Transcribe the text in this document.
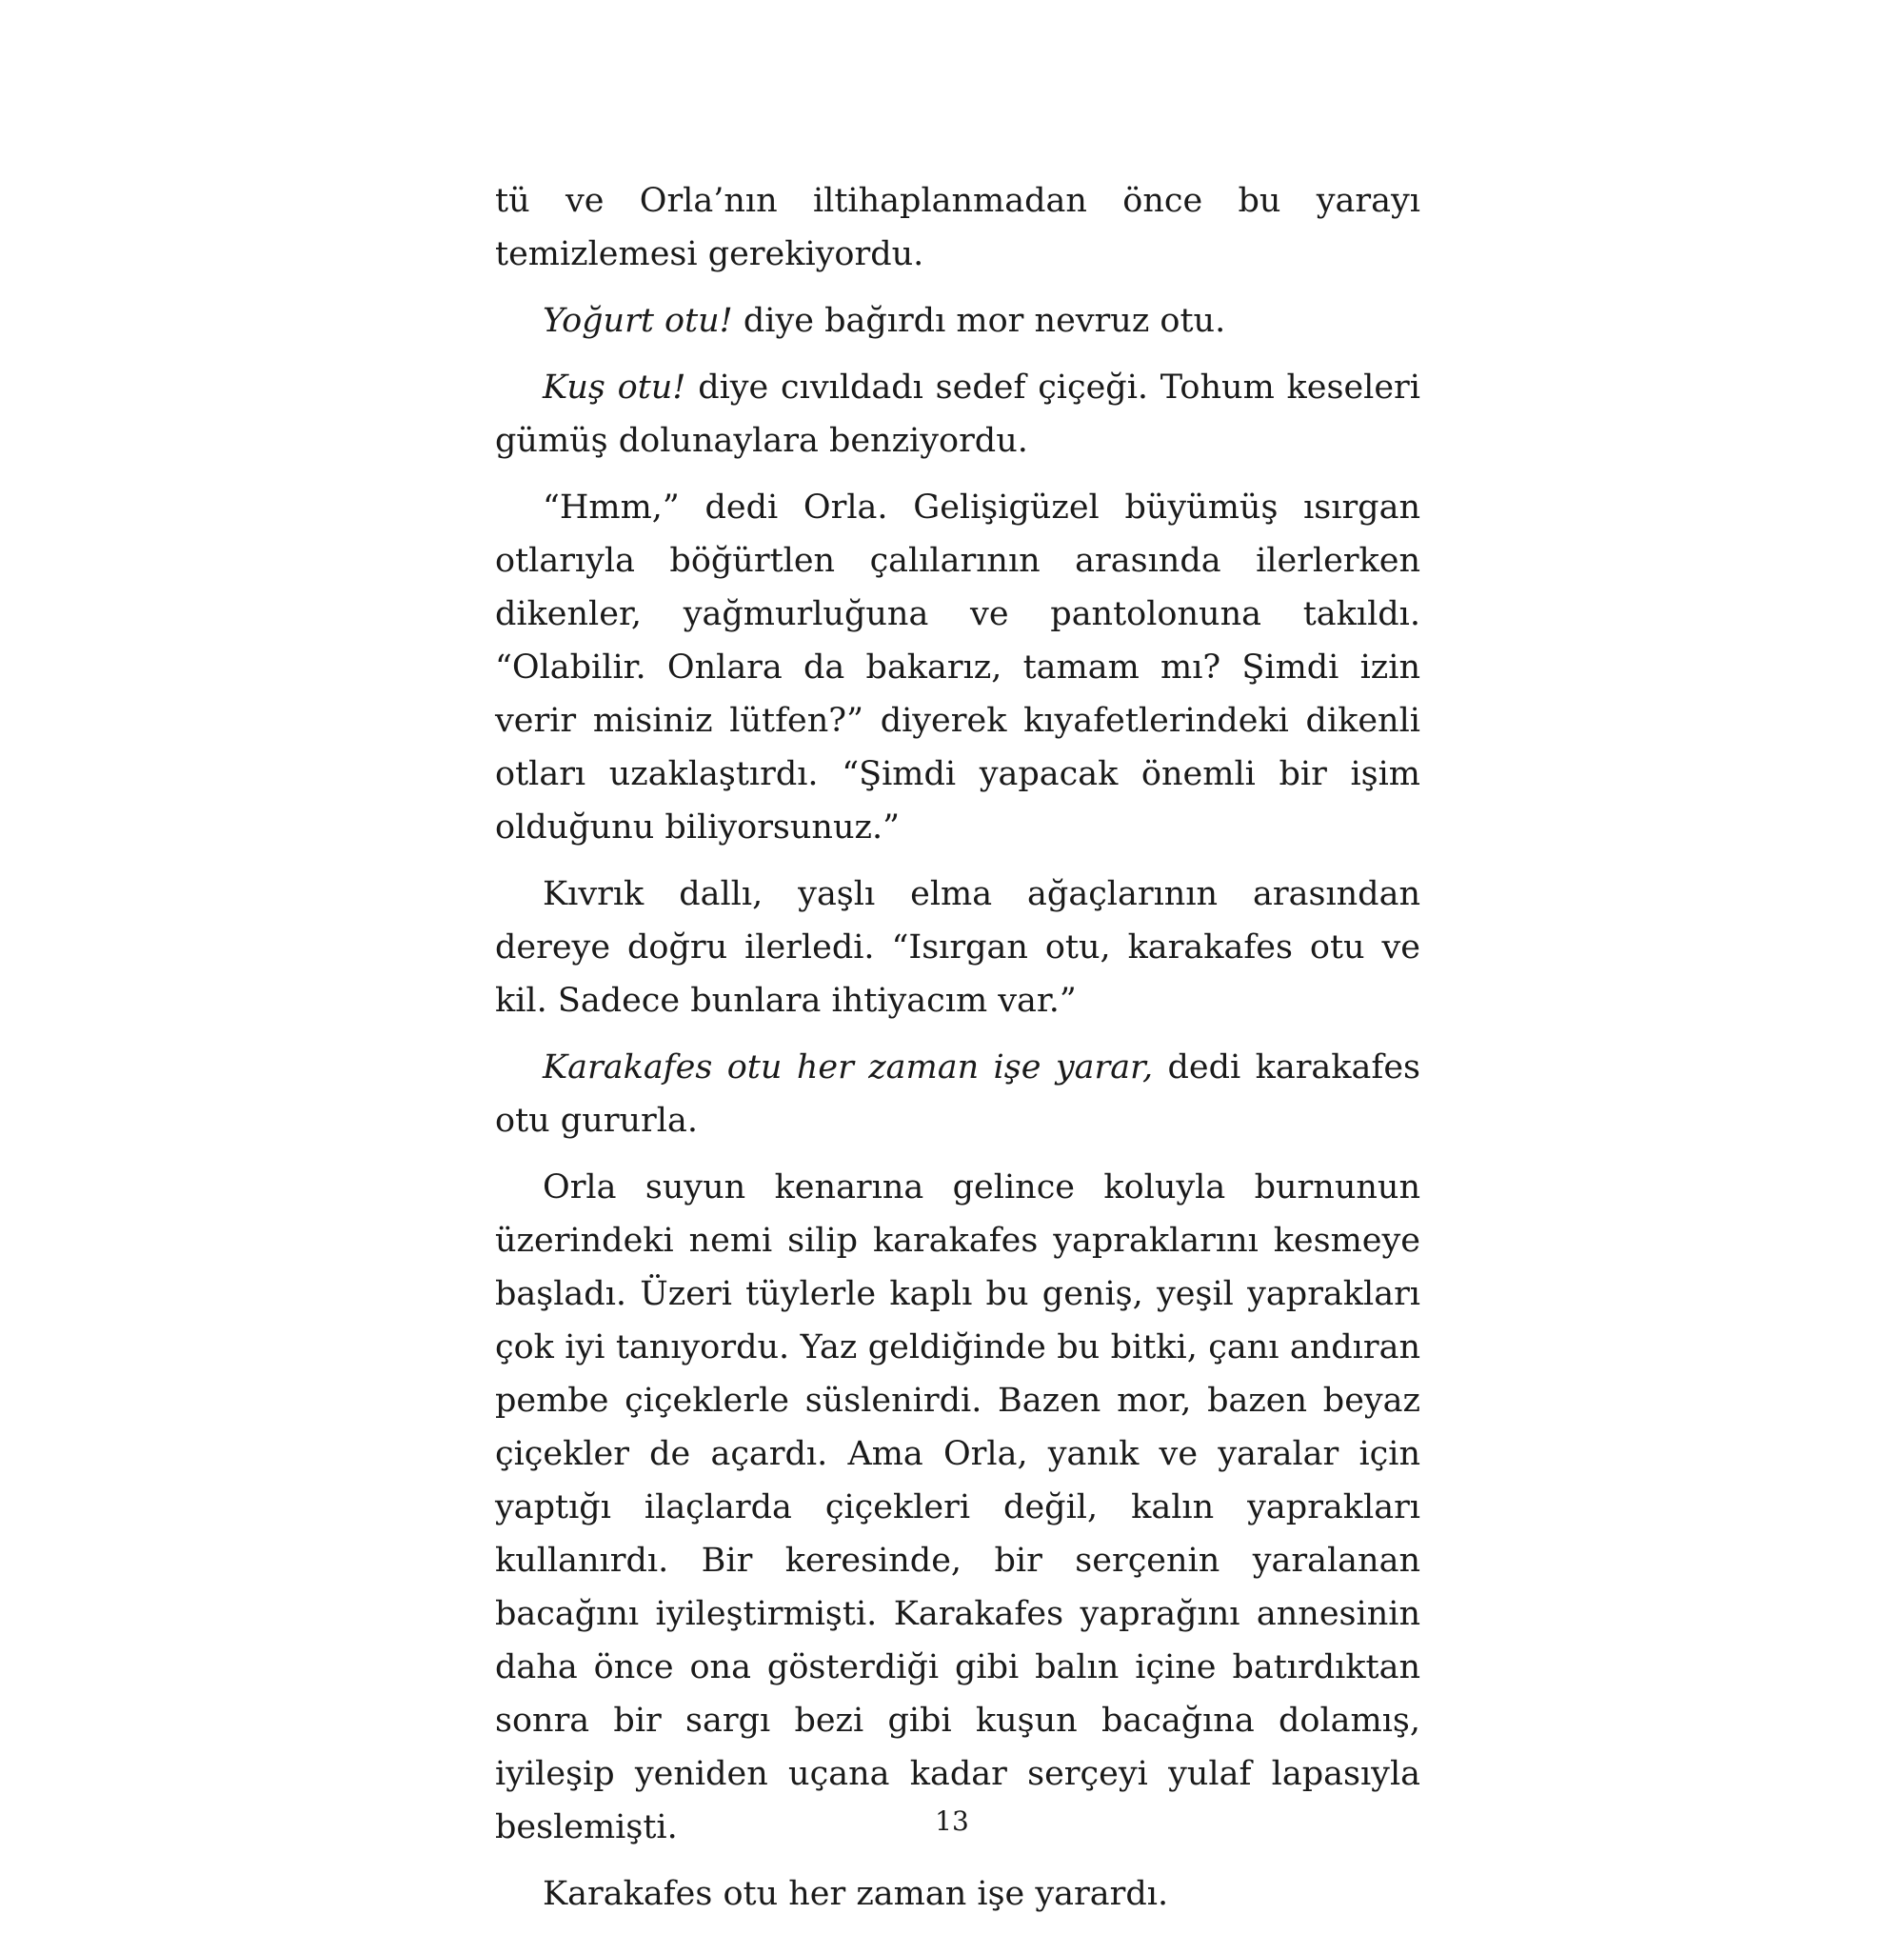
tü ve Orla’nın iltihaplanmadan önce bu yarayı temizlemesi gerekiyordu.

Yoğurt otu! diye bağırdı mor nevruz otu.

Kuş otu! diye cıvıldadı sedef çiçeği. Tohum keseleri gümüş dolunaylara benziyordu.

“Hmm,” dedi Orla. Gelişigüzel büyümüş ısırgan otlarıyla böğürtlen çalılarının arasında ilerlerken dikenler, yağmurluğuna ve pantolonuna takıldı. “Olabilir. Onlara da bakarız, tamam mı? Şimdi izin verir misiniz lütfen?” diyerek kıyafetlerindeki dikenli otları uzaklaştırdı. “Şimdi yapacak önemli bir işim olduğunu biliyorsunuz.”

Kıvrık dallı, yaşlı elma ağaçlarının arasından dereye doğru ilerledi. “Isırgan otu, karakafes otu ve kil. Sadece bunlara ihtiyacım var.”

Karakafes otu her zaman işe yarar, dedi karakafes otu gururla.

Orla suyun kenarına gelince koluyla burnunun üzerindeki nemi silip karakafes yapraklarını kesmeye başladı. Üzeri tüylerle kaplı bu geniş, yeşil yaprakları çok iyi tanıyordu. Yaz geldiğinde bu bitki, çanı andıran pembe çiçeklerle süslenirdi. Bazen mor, bazen beyaz çiçekler de açardı. Ama Orla, yanık ve yaralar için yaptığı ilaçlarda çiçekleri değil, kalın yaprakları kullanırdı. Bir keresinde, bir serçenin yaralanan bacağını iyileştirmişti. Karakafes yaprağını annesinin daha önce ona gösterdiği gibi balın içine batırdıktan sonra bir sargı bezi gibi kuşun bacağına dolamış, iyileşip yeniden uçana kadar serçeyi yulaf lapasıyla beslemişti.

Karakafes otu her zaman işe yarardı.

13
